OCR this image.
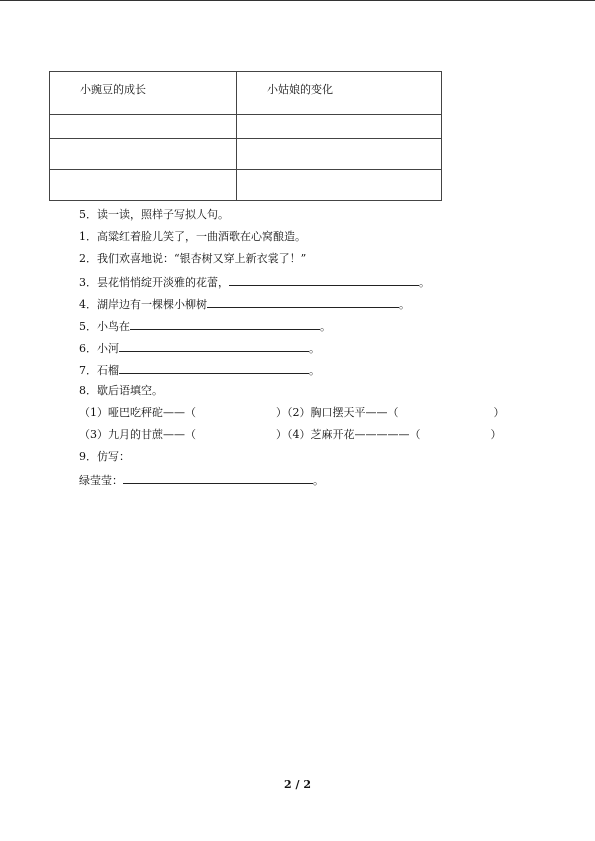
小豌豆的成长	小姑娘的变化

5．读一读，照样子写拟人句。
1．高粱红着脸儿笑了，一曲酒歌在心窝酿造。
2．我们欢喜地说：“银杏树又穿上新衣裳了！”
3．昙花悄悄绽开淡雅的花蕾，	。
4．湖岸边有一棵棵小柳树	。
5．小鸟在	。
6．小河	。
7．石榴	。
8．歇后语填空。
（1）哑巴吃秤砣——（	）（2）胸口摆天平——（	）
（3）九月的甘蔗——（	）（4）芝麻开花—————（	）
9．仿写：
绿莹莹：	。
2 / 2
